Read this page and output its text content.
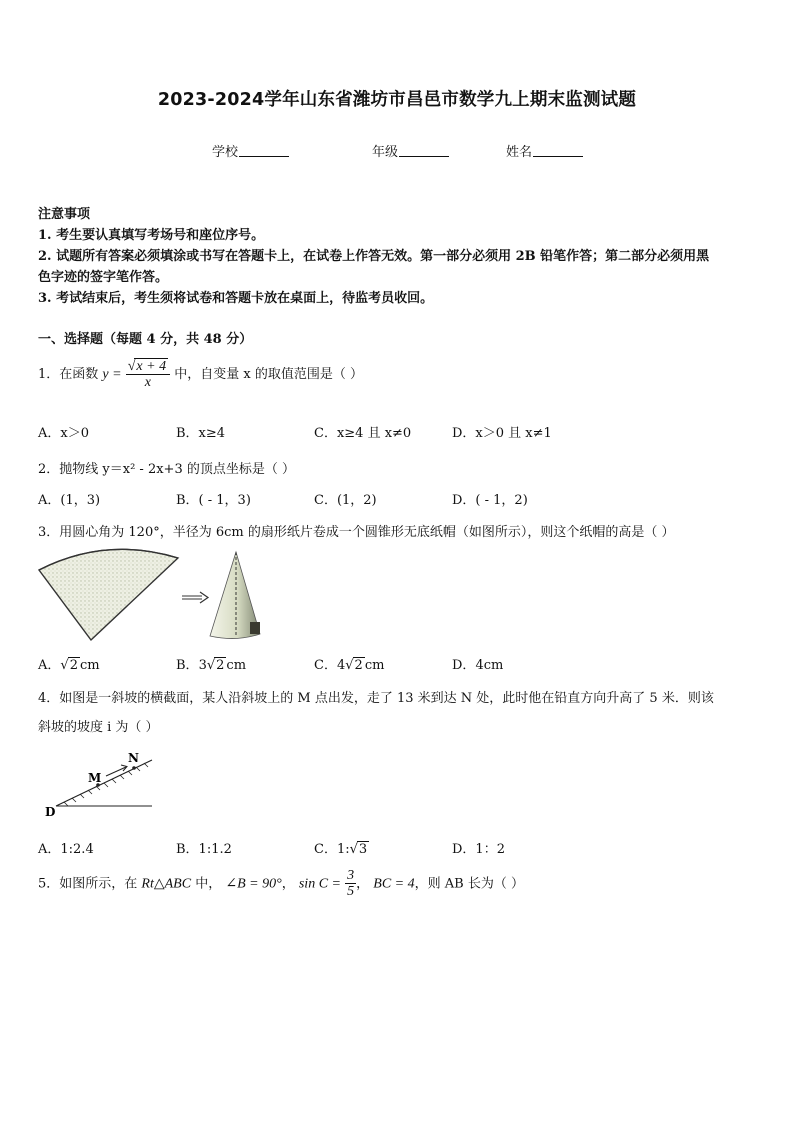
2023-2024学年山东省潍坊市昌邑市数学九上期末监测试题
学校	年级	姓名
注意事项
1. 考生要认真填写考场号和座位序号。
2. 试题所有答案必须填涂或书写在答题卡上，在试卷上作答无效。第一部分必须用 2B 铅笔作答；第二部分必须用黑
色字迹的签字笔作答。
3. 考试结束后，考生须将试卷和答题卡放在桌面上，待监考员收回。
一、选择题（每题 4 分，共 48 分）
1．在函数 $y = \frac{√x + 4}{x}$ 中，自变量 x 的取值范围是（ ）
A．x＞0	B．x≥4	C．x≥4 且 x≠0	D．x＞0 且 x≠1
2．抛物线 y＝x² - 2x+3 的顶点坐标是（ ）
A．(1，3)	B．( - 1，3)	C．(1，2)	D．( - 1，2)
3．用圆心角为 120°，半径为 6cm 的扇形纸片卷成一个圆锥形无底纸帽（如图所示），则这个纸帽的高是（ ）
A．√2 cm	B．3√2 cm	C．4√2 cm	D．4cm
4．如图是一斜坡的横截面，某人沿斜坡上的 M 点出发，走了 13 米到达 N 处，此时他在铅直方向升高了 5 米．则该
斜坡的坡度 i 为（ ）
M
N
D
A．1:2.4	B．1:1.2	C．1:√3	D．1：2
5．如图所示，在 Rt△ABC 中， ∠B = 90°， $\sin C = \frac{3}{5}$ ， BC = 4，则 AB 长为（ ）
